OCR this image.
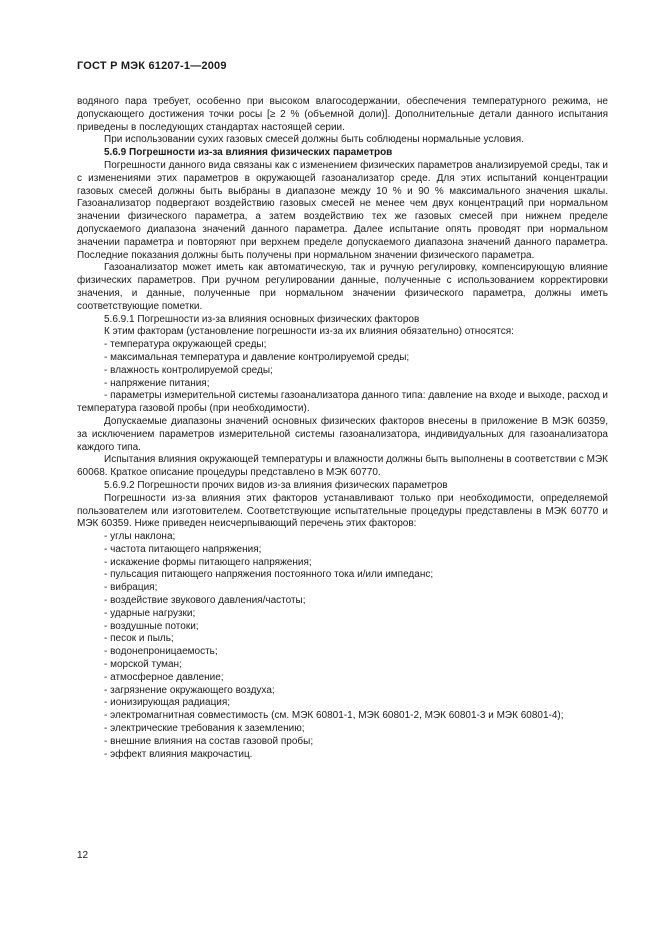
ГОСТ Р МЭК 61207-1—2009

водяного пара требует, особенно при высоком влагосодержании, обеспечения температурного режима, не допускающего достижения точки росы [≥ 2 % (объемной доли)]. Дополнительные детали данного испытания приведены в последующих стандартах настоящей серии.

При использовании сухих газовых смесей должны быть соблюдены нормальные условия.

5.6.9 Погрешности из-за влияния физических параметров

Погрешности данного вида связаны как с изменением физических параметров анализируемой среды, так и с изменениями этих параметров в окружающей газоанализатор среде. Для этих испытаний концентрации газовых смесей должны быть выбраны в диапазоне между 10 % и 90 % максимального значения шкалы. Газоанализатор подвергают воздействию газовых смесей не менее чем двух концентраций при нормальном значении физического параметра, а затем воздействию тех же газовых смесей при нижнем пределе допускаемого диапазона значений данного параметра. Далее испытание опять проводят при нормальном значении параметра и повторяют при верхнем пределе допускаемого диапазона значений данного параметра. Последние показания должны быть получены при нормальном значении физического параметра.

Газоанализатор может иметь как автоматическую, так и ручную регулировку, компенсирующую влияние физических параметров. При ручном регулировании данные, полученные с использованием корректировки значения, и данные, полученные при нормальном значении физического параметра, должны иметь соответствующие пометки.

5.6.9.1 Погрешности из-за влияния основных физических факторов

К этим факторам (установление погрешности из-за их влияния обязательно) относятся:

- температура окружающей среды;

- максимальная температура и давление контролируемой среды;

- влажность контролируемой среды;

- напряжение питания;

- параметры измерительной системы газоанализатора данного типа: давление на входе и выходе, расход и температура газовой пробы (при необходимости).

Допускаемые диапазоны значений основных физических факторов внесены в приложение В МЭК 60359, за исключением параметров измерительной системы газоанализатора, индивидуальных для газоанализатора каждого типа.

Испытания влияния окружающей температуры и влажности должны быть выполнены в соответствии с МЭК 60068. Краткое описание процедуры представлено в МЭК 60770.

5.6.9.2 Погрешности прочих видов из-за влияния физических параметров

Погрешности из-за влияния этих факторов устанавливают только при необходимости, определяемой пользователем или изготовителем. Соответствующие испытательные процедуры представлены в МЭК 60770 и МЭК 60359. Ниже приведен неисчерпывающий перечень этих факторов:

- углы наклона;

- частота питающего напряжения;

- искажение формы питающего напряжения;

- пульсация питающего напряжения постоянного тока и/или импеданс;

- вибрация;

- воздействие звукового давления/частоты;

- ударные нагрузки;

- воздушные потоки;

- песок и пыль;

- водонепроницаемость;

- морской туман;

- атмосферное давление;

- загрязнение окружающего воздуха;

- ионизирующая радиация;

- электромагнитная совместимость (см. МЭК 60801-1, МЭК 60801-2, МЭК 60801-3 и МЭК 60801-4);

- электрические требования к заземлению;

- внешние влияния на состав газовой пробы;

- эффект влияния макрочастиц.

12
